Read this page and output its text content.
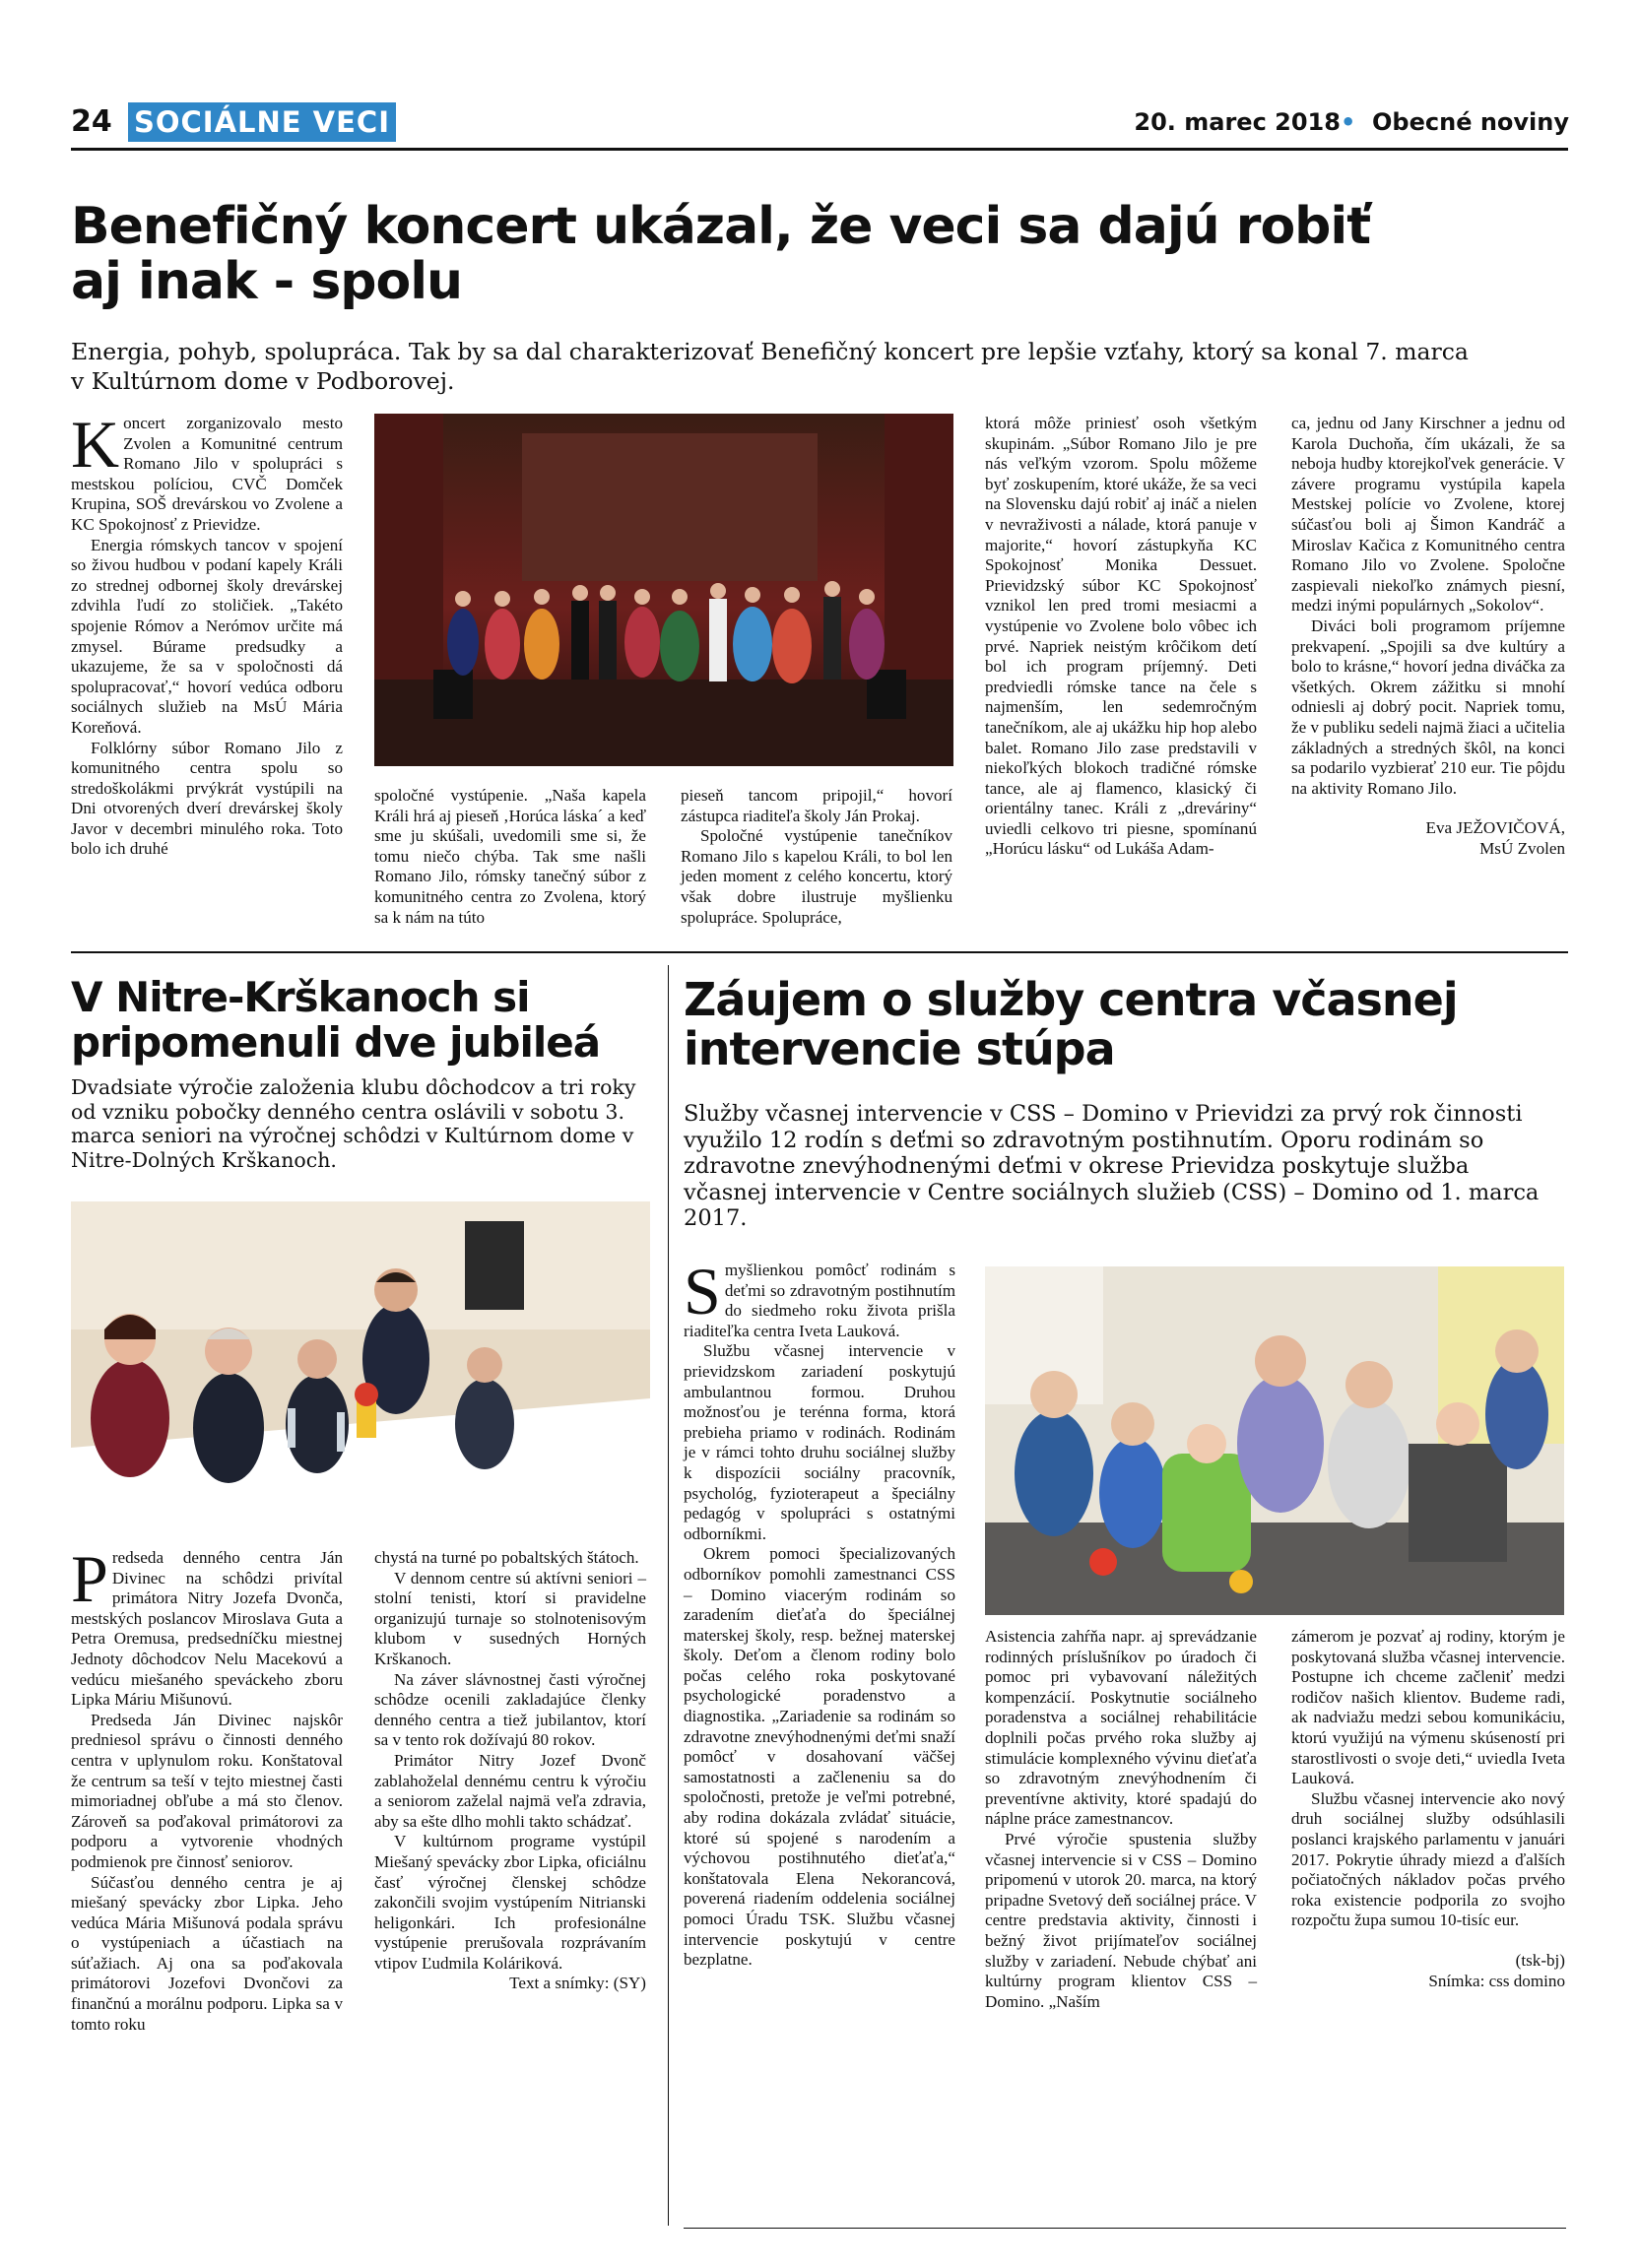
24 SOCIÁLNE VECI	20. marec 2018• Obecné noviny
Benefičný koncert ukázal, že veci sa dajú robiť
aj inak - spolu
Energia, pohyb, spolupráca. Tak by sa dal charakterizovať Benefičný koncert pre lepšie vzťahy, ktorý sa konal 7. marca
v Kultúrnom dome v Podborovej.

Koncert zorganizovalo mesto Zvolen a Komunitné centrum Romano Jilo v spolupráci s mestskou políciou, CVČ Domček Krupina, SOŠ drevárskou vo Zvolene a KC Spokojnosť z Prievidze.

Energia rómskych tancov v spojení so živou hudbou v podaní kapely Králi zo strednej odbornej školy drevárskej zdvihla ľudí zo stoličiek. „Takéto spojenie Rómov a Nerómov určite má zmysel. Búrame predsudky a ukazujeme, že sa v spoločnosti dá spolupracovať,“ hovorí vedúca odboru sociálnych služieb na MsÚ Mária Koreňová.

Folklórny súbor Romano Jilo z komunitného centra spolu so stredoškolákmi prvýkrát vystúpili na Dni otvorených dverí drevárskej školy Javor v decembri minulého roka. Toto bolo ich druhé

spoločné vystúpenie. „Naša kapela Králi hrá aj pieseň ‚Horúca láska´ a keď sme ju skúšali, uvedomili sme si, že tomu niečo chýba. Tak sme našli Romano Jilo, rómsky tanečný súbor z komunitného centra zo Zvolena, ktorý sa k nám na túto

pieseň tancom pripojil,“ hovorí zástupca riaditeľa školy Ján Prokaj.

Spoločné vystúpenie tanečníkov Romano Jilo s kapelou Králi, to bol len jeden moment z celého koncertu, ktorý však dobre ilustruje myšlienku spolupráce. Spolupráce,

ktorá môže priniesť osoh všetkým skupinám. „Súbor Romano Jilo je pre nás veľkým vzorom. Spolu môžeme byť zoskupením, ktoré ukáže, že sa veci na Slovensku dajú robiť aj ináč a nielen v nevraživosti a nálade, ktorá panuje v majorite,“ hovorí zástupkyňa KC Spokojnosť Monika Dessuet. Prievidzský súbor KC Spokojnosť vznikol len pred tromi mesiacmi a vystúpenie vo Zvolene bolo vôbec ich prvé. Napriek neistým krôčikom detí bol ich program príjemný. Deti predviedli rómske tance na čele s najmenším, len sedemročným tanečníkom, ale aj ukážku hip hop alebo balet. Romano Jilo zase predstavili v niekoľkých blokoch tradičné rómske tance, ale aj flamenco, klasický či orientálny tanec. Králi z „dreváriny“ uviedli celkovo tri piesne, spomínanú „Horúcu lásku“ od Lukáša Adam-

ca, jednu od Jany Kirschner a jednu od Karola Duchoňa, čím ukázali, že sa neboja hudby ktorejkoľvek generácie. V závere programu vystúpila kapela Mestskej polície vo Zvolene, ktorej súčasťou boli aj Šimon Kandráč a Miroslav Kačica z Komunitného centra Romano Jilo vo Zvolene. Spoločne zaspievali niekoľko známych piesní, medzi inými populárnych „Sokolov“.

Diváci boli programom príjemne prekvapení. „Spojili sa dve kultúry a bolo to krásne,“ hovorí jedna diváčka za všetkých. Okrem zážitku si mnohí odniesli aj dobrý pocit. Napriek tomu, že v publiku sedeli najmä žiaci a učitelia základných a stredných škôl, na konci sa podarilo vyzbierať 210 eur. Tie pôjdu na aktivity Romano Jilo.

Eva JEŽOVIČOVÁ,

MsÚ Zvolen

V Nitre-Krškanoch si
pripomenuli dve jubileá
Dvadsiate výročie založenia klubu dôchodcov a tri roky od vzniku pobočky denného centra oslávili v sobotu 3. marca seniori na výročnej schôdzi v Kultúrnom dome v Nitre-Dolných Krškanoch.

Predseda denného centra Ján Divinec na schôdzi privítal primátora Nitry Jozefa Dvonča, mestských poslancov Miroslava Guta a Petra Oremusa, predsedníčku miestnej Jednoty dôchodcov Nelu Macekovú a vedúcu miešaného speváckeho zboru Lipka Máriu Mišunovú.

Predseda Ján Divinec najskôr predniesol správu o činnosti denného centra v uplynulom roku. Konštatoval že centrum sa teší v tejto miestnej časti mimoriadnej obľube a má sto členov. Zároveň sa poďakoval primátorovi za podporu a vytvorenie vhodných podmienok pre činnosť seniorov.

Súčasťou denného centra je aj miešaný spevácky zbor Lipka. Jeho vedúca Mária Mišunová podala správu o vystúpeniach a účastiach na súťažiach. Aj ona sa poďakovala primátorovi Jozefovi Dvončovi za finančnú a morálnu podporu. Lipka sa v tomto roku

chystá na turné po pobaltských štátoch.

V dennom centre sú aktívni seniori – stolní tenisti, ktorí si pravidelne organizujú turnaje so stolnotenisovým klubom v susedných Horných Krškanoch.

Na záver slávnostnej časti výročnej schôdze ocenili zakladajúce členky denného centra a tiež jubilantov, ktorí sa v tento rok dožívajú 80 rokov.

Primátor Nitry Jozef Dvonč zablahoželal dennému centru k výročiu a seniorom zaželal najmä veľa zdravia, aby sa ešte dlho mohli takto schádzať.

V kultúrnom programe vystúpil Miešaný spevácky zbor Lipka, oficiálnu časť výročnej členskej schôdze zakončili svojim vystúpením Nitrianski heligonkári. Ich profesionálne vystúpenie prerušovala rozprávaním vtipov Ľudmila Koláriková.

Text a snímky: (SY)

Záujem o služby centra včasnej
intervencie stúpa
Služby včasnej intervencie v CSS – Domino v Prievidzi za prvý rok činnosti využilo 12 rodín s deťmi so zdravotným postihnutím. Oporu rodinám so zdravotne znevýhodnenými deťmi v okrese Prievidza poskytuje služba včasnej intervencie v Centre sociálnych služieb (CSS) – Domino od 1. marca 2017.

Smyšlienkou pomôcť rodinám s deťmi so zdravotným postihnutím do siedmeho roku života prišla riaditeľka centra Iveta Lauková.

Službu včasnej intervencie v prievidzskom zariadení poskytujú ambulantnou formou. Druhou možnosťou je terénna forma, ktorá prebieha priamo v rodinách. Rodinám je v rámci tohto druhu sociálnej služby k dispozícii sociálny pracovník, psychológ, fyzioterapeut a špeciálny pedagóg v spolupráci s ostatnými odborníkmi.

Okrem pomoci špecializovaných odborníkov pomohli zamestnanci CSS – Domino viacerým rodinám so zaradením dieťaťa do špeciálnej materskej školy, resp. bežnej materskej školy. Deťom a členom rodiny bolo počas celého roka poskytované psychologické poradenstvo a diagnostika. „Zariadenie sa rodinám so zdravotne znevýhodnenými deťmi snaží pomôcť v dosahovaní väčšej samostatnosti a začleneniu sa do spoločnosti, pretože je veľmi potrebné, aby rodina dokázala zvládať situácie, ktoré sú spojené s narodením a výchovou postihnutého dieťaťa,“ konštatovala Elena Nekorancová, poverená riadením oddelenia sociálnej pomoci Úradu TSK. Službu včasnej intervencie poskytujú v centre bezplatne.

Asistencia zahŕňa napr. aj sprevádzanie rodinných príslušníkov po úradoch či pomoc pri vybavovaní náležitých kompenzácií. Poskytnutie sociálneho poradenstva a sociálnej rehabilitácie doplnili počas prvého roka služby aj stimulácie komplexného vývinu dieťaťa so zdravotným znevýhodnením či preventívne aktivity, ktoré spadajú do náplne práce zamestnancov.

Prvé výročie spustenia služby včasnej intervencie si v CSS – Domino pripomenú v utorok 20. marca, na ktorý pripadne Svetový deň sociálnej práce. V centre predstavia aktivity, činnosti i bežný život prijímateľov sociálnej služby v zariadení. Nebude chýbať ani kultúrny program klientov CSS – Domino. „Naším

zámerom je pozvať aj rodiny, ktorým je poskytovaná služba včasnej intervencie. Postupne ich chceme začleniť medzi rodičov našich klientov. Budeme radi, ak nadviažu medzi sebou komunikáciu, ktorú využijú na výmenu skúseností pri starostlivosti o svoje deti,“ uviedla Iveta Lauková.

Službu včasnej intervencie ako nový druh sociálnej služby odsúhlasili poslanci krajského parlamentu v januári 2017. Pokrytie úhrady miezd a ďalších počiatočných nákladov počas prvého roka existencie podporila zo svojho rozpočtu župa sumou 10-tisíc eur.

(tsk-bj)

Snímka: css domino
